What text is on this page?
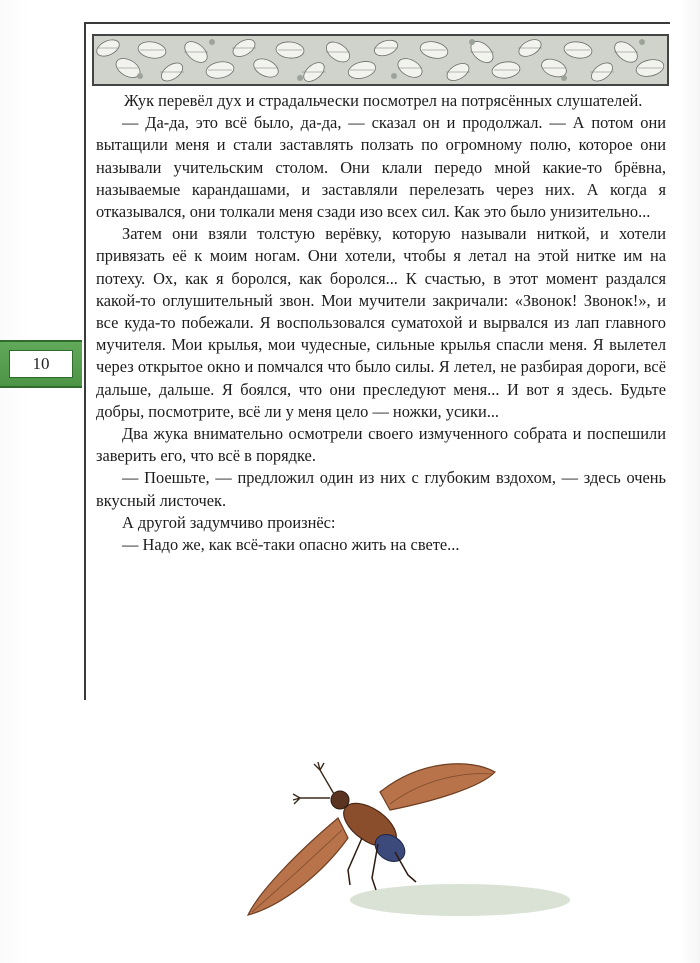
10

Жук перевёл дух и страдальчески посмотрел на потрясённых слушателей.

— Да-да, это всё было, да-да, — сказал он и продолжал. — А потом они вытащили меня и стали заставлять ползать по огромному полю, которое они называли учительским столом. Они клали передо мной какие-то брёвна, называемые карандашами, и заставляли перелезать через них. А когда я отказывался, они толкали меня сзади изо всех сил. Как это было унизительно...

Затем они взяли толстую верёвку, которую называли ниткой, и хотели привязать её к моим ногам. Они хотели, чтобы я летал на этой нитке им на потеху. Ох, как я боролся, как боролся... К счастью, в этот момент раздался какой-то оглушительный звон. Мои мучители закричали: «Звонок! Звонок!», и все куда-то побежали. Я воспользовался суматохой и вырвался из лап главного мучителя. Мои крылья, мои чудесные, сильные крылья спасли меня. Я вылетел через открытое окно и помчался что было силы. Я летел, не разбирая дороги, всё дальше, дальше. Я боялся, что они преследуют меня... И вот я здесь. Будьте добры, посмотрите, всё ли у меня цело — ножки, усики...

Два жука внимательно осмотрели своего измученного собрата и поспешили заверить его, что всё в порядке.

— Поешьте, — предложил один из них с глубоким вздохом, — здесь очень вкусный листочек.

А другой задумчиво произнёс:

— Надо же, как всё-таки опасно жить на свете...
